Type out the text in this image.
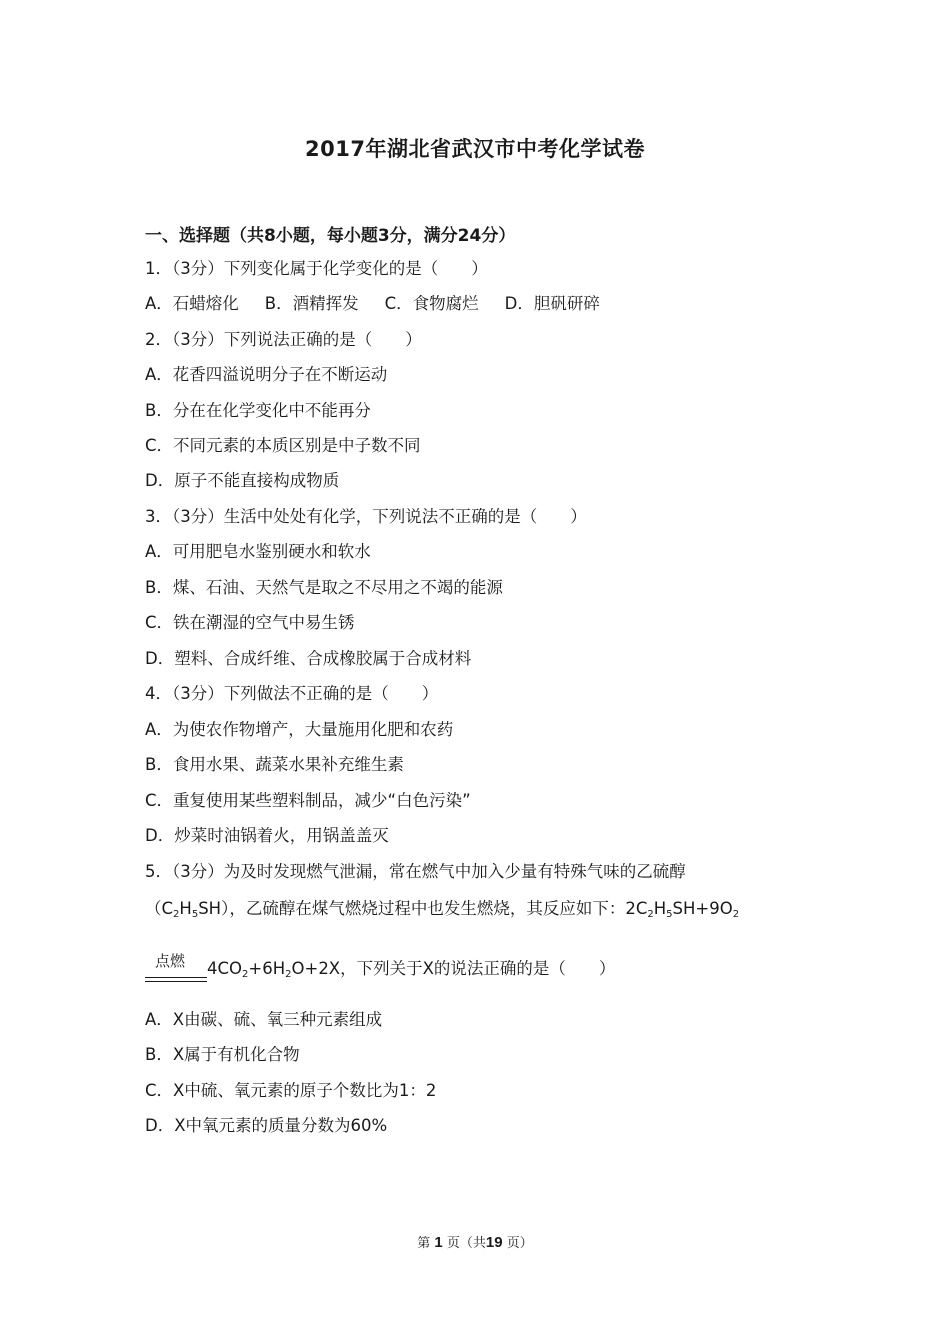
2017年湖北省武汉市中考化学试卷
一、选择题（共8小题，每小题3分，满分24分）
1．（3分）下列变化属于化学变化的是（　　）
A．石蜡熔化 B．酒精挥发 C．食物腐烂 D．胆矾研碎
2．（3分）下列说法正确的是（　　）
A．花香四溢说明分子在不断运动
B．分在在化学变化中不能再分
C．不同元素的本质区别是中子数不同
D．原子不能直接构成物质
3．（3分）生活中处处有化学，下列说法不正确的是（　　）
A．可用肥皂水鉴别硬水和软水
B．煤、石油、天然气是取之不尽用之不竭的能源
C．铁在潮湿的空气中易生锈
D．塑料、合成纤维、合成橡胶属于合成材料
4．（3分）下列做法不正确的是（　　）
A．为使农作物增产，大量施用化肥和农药
B．食用水果、蔬菜水果补充维生素
C．重复使用某些塑料制品，减少“白色污染”
D．炒菜时油锅着火，用锅盖盖灭
5．（3分）为及时发现燃气泄漏，常在燃气中加入少量有特殊气味的乙硫醇
$(C_2H_5SH)$，乙硫醇在煤气燃烧过程中也发生燃烧，其反应如下：$2C_2H_5SH+9O_2$
点燃 $4CO_2+6H_2O+2X$，下列关于X的说法正确的是（　　）
A．X由碳、硫、氧三种元素组成
B．X属于有机化合物
C．X中硫、氧元素的原子个数比为1：2
D．X中氧元素的质量分数为60%
第 1 页（共19 页）
